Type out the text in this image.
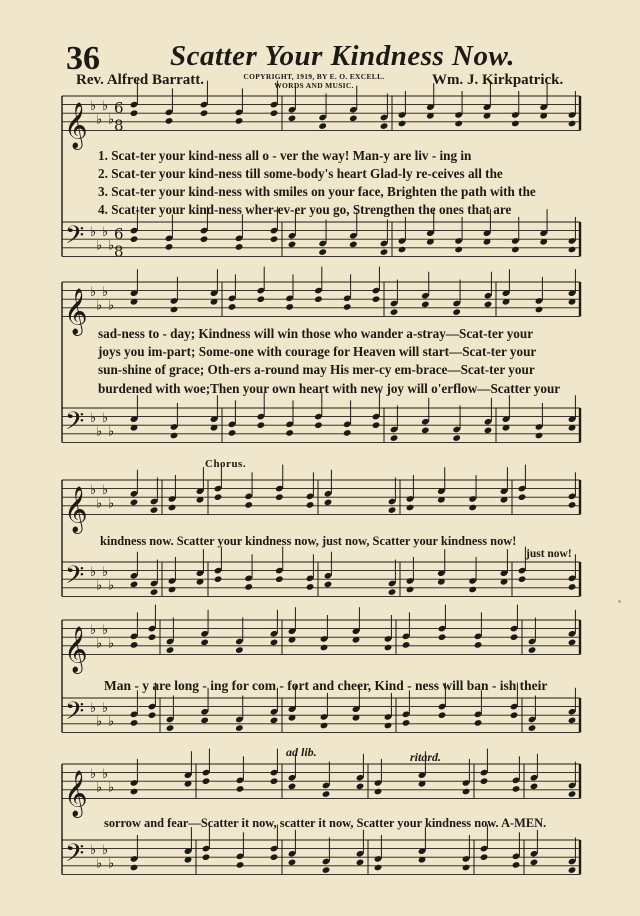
36 Scatter Your Kindness Now.
Rev. Alfred Barratt.	COPYRIGHT, 1919, BY E. O. EXCELL.
WORDS AND MUSIC.	Wm. J. Kirkpatrick.
𝄞 ♭
♭
♭
♭
𝄢 ♭
♭
♭
♭
6
8
6
8
𝄞 ♭
♭
♭
♭
𝄢 ♭
♭
♭
♭
𝄞 ♭
♭
♭
♭
𝄢 ♭
♭
♭
♭
𝄞 ♭
♭
♭
♭
𝄢 ♭
♭
♭
♭
𝄞 ♭
♭
♭
♭
𝄢 ♭
♭
♭
♭
1. Scat-ter your kind-ness all o - ver the way! Man-y are liv - ing in
2. Scat-ter your kind-ness till some-body's heart Glad-ly re-ceives all the
3. Scat-ter your kind-ness with smiles on your face, Brighten the path with the
4. Scat-ter your kind-ness wher-ev-er you go, Strengthen the ones that are
sad-ness to - day; Kindness will win those who wander a-stray—Scat-ter your
joys you im-part; Some-one with courage for Heaven will start—Scat-ter your
sun-shine of grace; Oth-ers a-round may His mer-cy em-brace—Scat-ter your
burdened with woe;Then your own heart with new joy will o'erflow—Scatter your
Chorus.
kindness now. Scatter your kindness now, just now, Scatter your kindness now!
just now!
Man - y are long - ing for com - fort and cheer, Kind - ness will ban - ish their
ad lib.	ritard.
sorrow and fear—Scatter it now, scatter it now, Scatter your kindness now. A-MEN.
